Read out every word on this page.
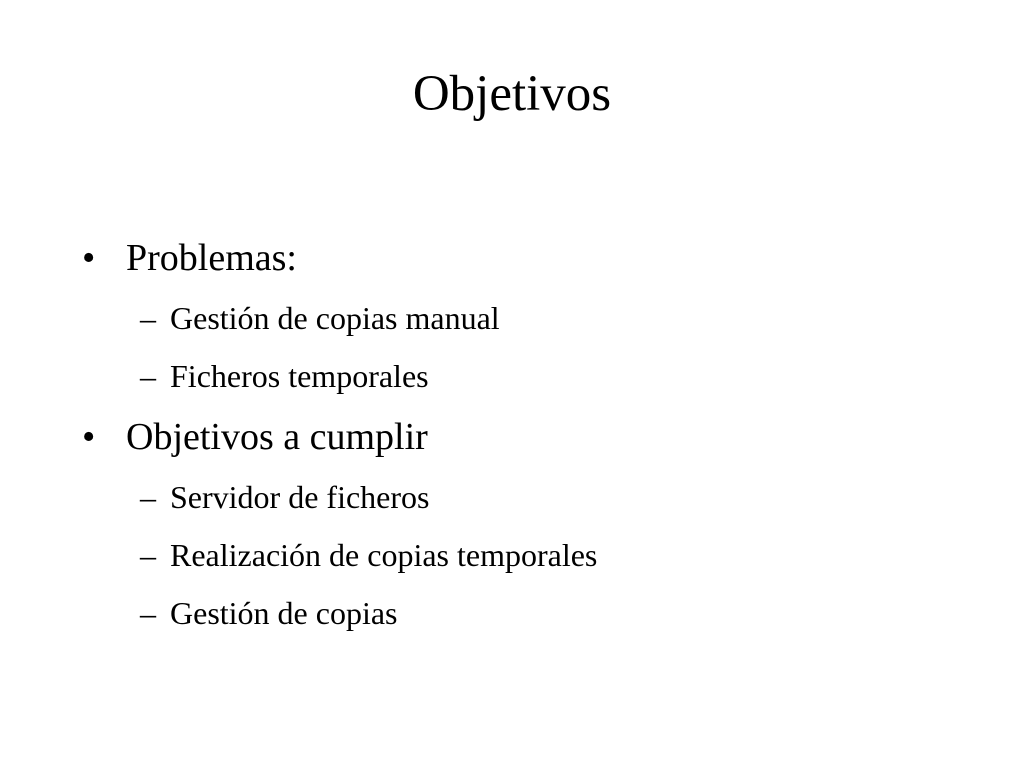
Objetivos
• Problemas:
– Gestión de copias manual
– Ficheros temporales
• Objetivos a cumplir
– Servidor de ficheros
– Realización de copias temporales
– Gestión de copias
